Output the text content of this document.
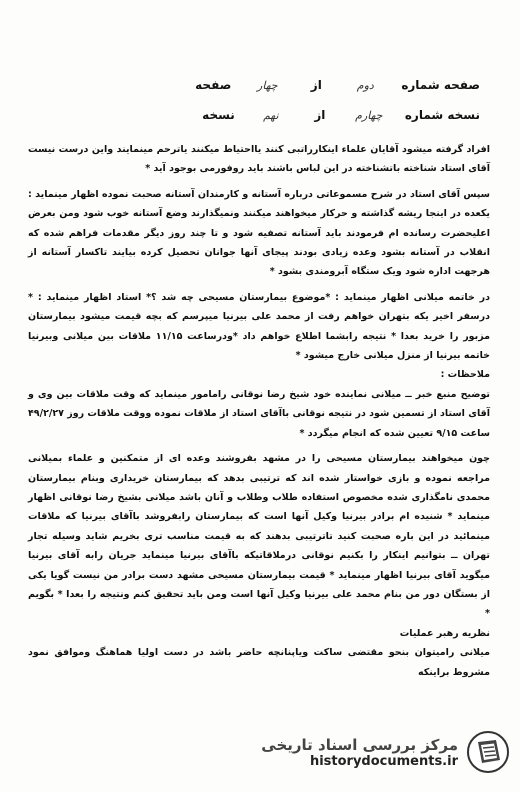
صفحه شماره
دوم
از
چهار
صفحه
نسخه شماره
چهارم
از
نهم
نسخه

افراد گرفته میشود آقایان علماء اینکارراتبی کنند یااحتیاط میکنند یاترحم مینمایند واین درست نیست آقای استاد شناخته باتشناخته در این لباس باشند باید روفورمی بوجود آید *

سپس آقای استاد در شرح مسموعاتی درباره آستانه و کارمندان آستانه صحبت نموده اظهار مینماید : یکعده در اینجا ریشه گذاشته و حرکار میخواهند میکنند ونمیگذارند وضع آستانه خوب شود ومن بعرض اعلیحضرت رسانده ام فرمودند باید آستانه تصفیه شود و تا چند روز دیگر مقدمات فراهم شده که انقلاب در آستانه بشود وعده زیادی بودند پیجای آنها جوانان تحصیل کرده بیایند تاکسار آستانه از هرجهت اداره شود ویک ستگاه آبرومندی بشود *

در خاتمه میلانی اظهار مینماید : *موضوع بیمارستان مسیحی چه شد ؟* استاد اظهار مینماید : * درسفر اخیر یکه بتهران خواهم رفت از محمد علی بیرنیا میپرسم که بچه قیمت میشود بیمارستان مزبور را خرید بعدا * نتیجه رابشما اطلاع خواهم داد *ودرساعت ۱۱/۱۵ ملاقات بین میلانی وبیرنیا خاتمه بیرنیا از منزل میلانی خارج میشود *

ملاحظات :

توضیح منبع خبر ــ میلانی نماینده خود شیخ رضا نوقانی رامامور مینماید که وقت ملاقات بین وی و آقای استاد از تسمین شود در نتیجه نوقانی باآقای استاد از ملاقات نموده ووقت ملاقات روز ۴۹/۲/۲۷ ساعت ۹/۱۵ تعیین شده که انجام میگردد *

چون میخواهند بیمارستان مسیحی را در مشهد بفروشند وعده ای از متمکنین و علماء بمیلانی مراجعه نموده و بازی خواستار شده اند که ترتیبی بدهد که بیمارستان خریداری وبنام بیمارستان محمدی نامگذاری شده مخصوص استفاده طلاب وطلاب و آنان باشد میلانی بشیخ رضا نوقانی اظهار مینماید * شنیده ام برادر بیرنیا وکیل آنها است که بیمارستان رابفروشد باآقای بیرنیا که ملاقات مینمائید در این باره صحبت کنید تاترتیبی بدهند که به قیمت مناسب تری بخریم شاید وسیله تجار تهران ــ بتوانیم اینکار را بکنیم نوقانی درملاقاتیکه باآقای بیرنیا مینماید جریان رابه آقای بیرنیا میگوید آقای بیرنیا اظهار مینماید * قیمت بیمارستان مسیحی مشهد دست برادر من نیست گویا یکی از بستگان دور من بنام محمد علی بیرنیا وکیل آنها است ومن باید تحقیق کنم ونتیجه را بعدا * بگویم *

نظریه رهبر عملیات

میلانی رامیتوان بنحو مقتضی ساکت ویاپنانچه حاضر باشد در دست اولیا هماهنگ وموافق نمود مشروط براینکه

مرکز بررسی اسناد تاریخی
historydocuments.ir
